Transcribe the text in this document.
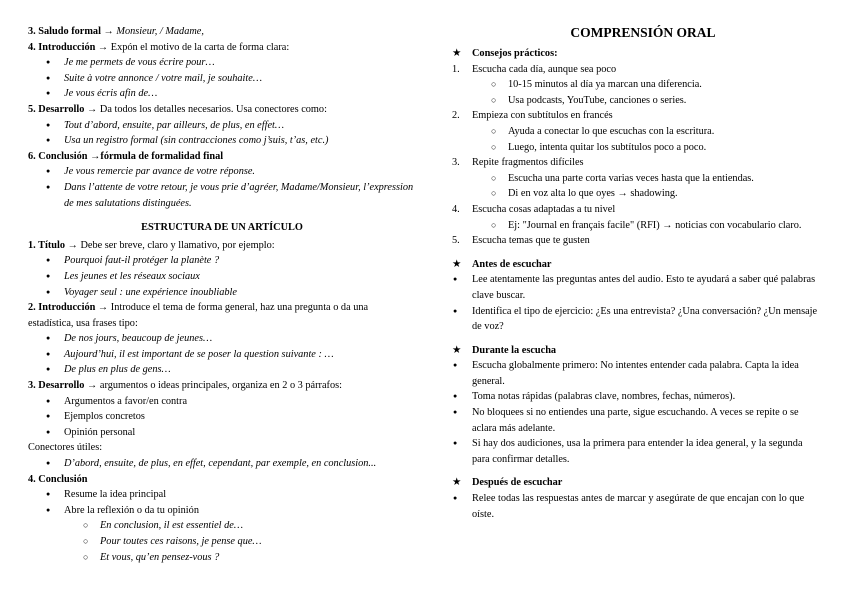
3. Saludo formal → Monsieur, / Madame,

4. Introducción → Expón el motivo de la carta de forma clara:

● Je me permets de vous écrire pour…
● Suite à votre annonce / votre mail, je souhaite…
● Je vous écris afin de…

5. Desarrollo → Da todos los detalles necesarios. Usa conectores como:

● Tout d’abord, ensuite, par ailleurs, de plus, en effet…
● Usa un registro formal (sin contracciones como j’suis, t’as, etc.)

6. Conclusión →fórmula de formalidad final

● Je vous remercie par avance de votre réponse.
● Dans l’attente de votre retour, je vous prie d’agréer, Madame/Monsieur, l’expression de mes salutations distinguées.
ESTRUCTURA DE UN ARTÍCULO

1. Título → Debe ser breve, claro y llamativo, por ejemplo:

● Pourquoi faut-il protéger la planète ?
● Les jeunes et les réseaux sociaux
● Voyager seul : une expérience inoubliable

2. Introducción → Introduce el tema de forma general, haz una pregunta o da una estadística, usa frases tipo:

● De nos jours, beaucoup de jeunes…
● Aujourd’hui, il est important de se poser la question suivante : …
● De plus en plus de gens…

3. Desarrollo → argumentos o ideas principales, organiza en 2 o 3 párrafos:

● Argumentos a favor/en contra
● Ejemplos concretos
● Opinión personal

Conectores útiles:

● D’abord, ensuite, de plus, en effet, cependant, par exemple, en conclusion...

4. Conclusión

● Resume la idea principal
● Abre la reflexión o da tu opinión
○ En conclusion, il est essentiel de…
○ Pour toutes ces raisons, je pense que…
○ Et vous, qu’en pensez-vous ?
COMPRENSIÓN ORAL

★ Consejos prácticos:

1. Escucha cada día, aunque sea poco
○ 10-15 minutos al día ya marcan una diferencia.
○ Usa podcasts, YouTube, canciones o series.
2. Empieza con subtítulos en francés
○ Ayuda a conectar lo que escuchas con la escritura.
○ Luego, intenta quitar los subtítulos poco a poco.
3. Repite fragmentos difíciles
○ Escucha una parte corta varias veces hasta que la entiendas.
○ Di en voz alta lo que oyes → shadowing.
4. Escucha cosas adaptadas a tu nivel
○ Ej: "Journal en français facile" (RFI) → noticias con vocabulario claro.
5. Escucha temas que te gusten

★ Antes de escuchar

● Lee atentamente las preguntas antes del audio. Esto te ayudará a saber qué palabras clave buscar.
● Identifica el tipo de ejercicio: ¿Es una entrevista? ¿Una conversación? ¿Un mensaje de voz?

★ Durante la escucha

● Escucha globalmente primero: No intentes entender cada palabra. Capta la idea general.
● Toma notas rápidas (palabras clave, nombres, fechas, números).
● No bloquees si no entiendes una parte, sigue escuchando. A veces se repite o se aclara más adelante.
● Si hay dos audiciones, usa la primera para entender la idea general, y la segunda para confirmar detalles.

★ Después de escuchar

● Relee todas las respuestas antes de marcar y asegúrate de que encajan con lo que oíste.
